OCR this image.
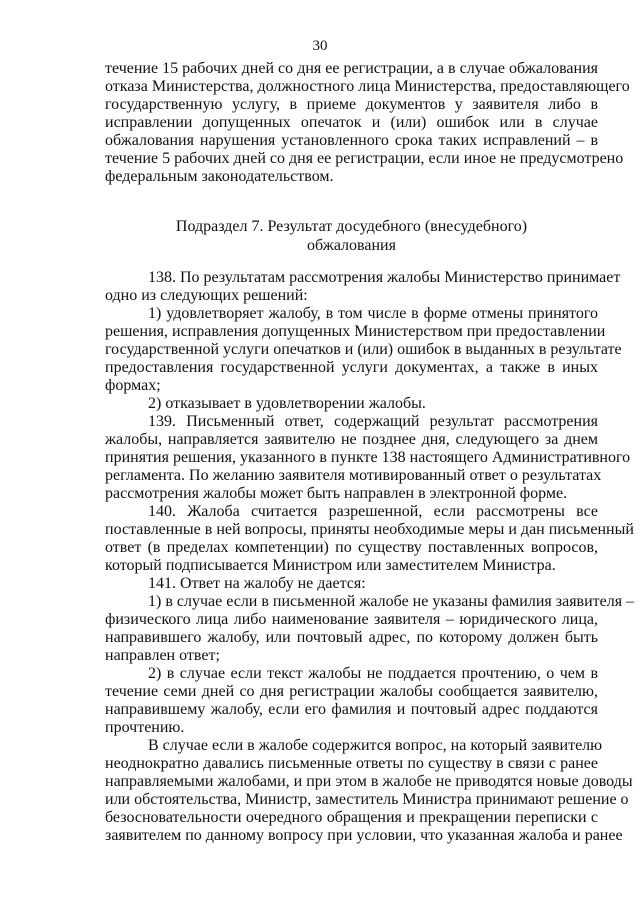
30
течение 15 рабочих дней со дня ее регистрации, а в случае обжалования
отказа Министерства, должностного лица Министерства, предоставляющего
государственную услугу, в приеме документов у заявителя либо в
исправлении допущенных опечаток и (или) ошибок или в случае
обжалования нарушения установленного срока таких исправлений – в
течение 5 рабочих дней со дня ее регистрации, если иное не предусмотрено
федеральным законодательством.
Подраздел 7. Результат досудебного (внесудебного)
обжалования
138. По результатам рассмотрения жалобы Министерство принимает
одно из следующих решений:
1) удовлетворяет жалобу, в том числе в форме отмены принятого
решения, исправления допущенных Министерством при предоставлении
государственной услуги опечатков и (или) ошибок в выданных в результате
предоставления государственной услуги документах, а также в иных
формах;
2) отказывает в удовлетворении жалобы.
139. Письменный ответ, содержащий результат рассмотрения
жалобы, направляется заявителю не позднее дня, следующего за днем
принятия решения, указанного в пункте 138 настоящего Административного
регламента. По желанию заявителя мотивированный ответ о результатах
рассмотрения жалобы может быть направлен в электронной форме.
140. Жалоба считается разрешенной, если рассмотрены все
поставленные в ней вопросы, приняты необходимые меры и дан письменный
ответ (в пределах компетенции) по существу поставленных вопросов,
который подписывается Министром или заместителем Министра.
141. Ответ на жалобу не дается:
1) в случае если в письменной жалобе не указаны фамилия заявителя –
физического лица либо наименование заявителя – юридического лица,
направившего жалобу, или почтовый адрес, по которому должен быть
направлен ответ;
2) в случае если текст жалобы не поддается прочтению, о чем в
течение семи дней со дня регистрации жалобы сообщается заявителю,
направившему жалобу, если его фамилия и почтовый адрес поддаются
прочтению.
В случае если в жалобе содержится вопрос, на который заявителю
неоднократно давались письменные ответы по существу в связи с ранее
направляемыми жалобами, и при этом в жалобе не приводятся новые доводы
или обстоятельства, Министр, заместитель Министра принимают решение о
безосновательности очередного обращения и прекращении переписки с
заявителем по данному вопросу при условии, что указанная жалоба и ранее
